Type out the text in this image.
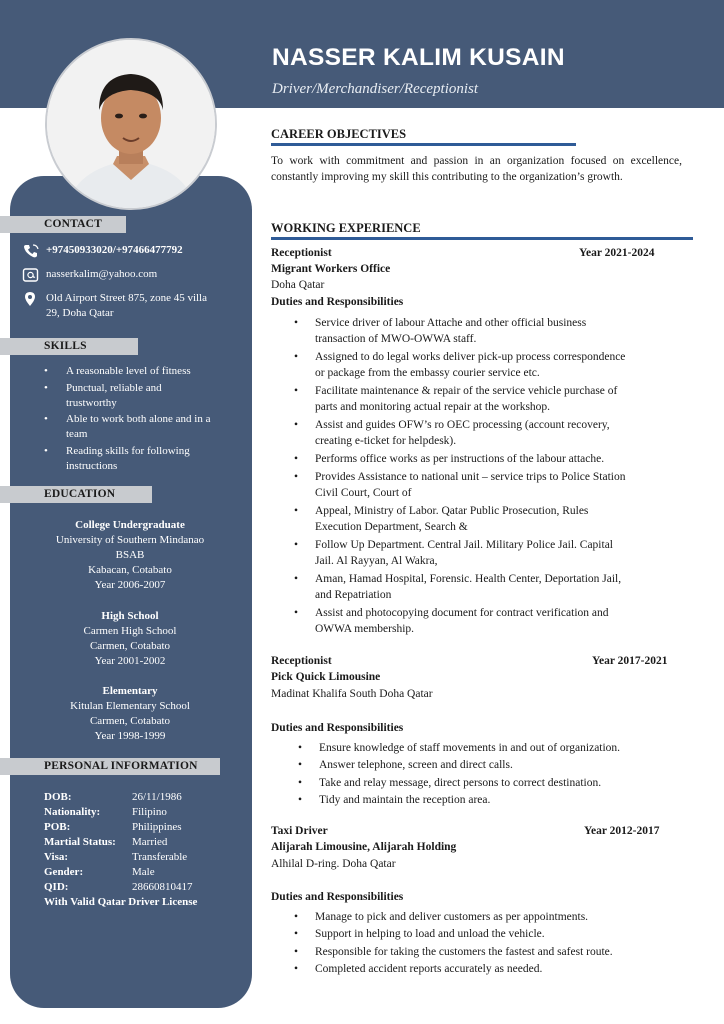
NASSER KALIM KUSAIN
Driver/Merchandiser/Receptionist
CONTACT
+97450933020/+97466477792
nasserkalim@yahoo.com
Old Airport Street 875, zone 45 villa
29, Doha Qatar
SKILLS
• A reasonable level of fitness
• Punctual, reliable and
trustworthy
• Able to work both alone and in a
team
• Reading skills for following
instructions
EDUCATION
College Undergraduate
University of Southern Mindanao
BSAB
Kabacan, Cotabato
Year 2006-2007
High School
Carmen High School
Carmen, Cotabato
Year 2001-2002
Elementary
Kitulan Elementary School
Carmen, Cotabato
Year 1998-1999
PERSONAL INFORMATION
DOB:	26/11/1986
Nationality:	Filipino
POB:	Philippines
Martial Status:	Married
Visa:	Transferable
Gender:	Male
QID:	28660810417
With Valid Qatar Driver License
CAREER OBJECTIVES
To work with commitment and passion in an organization focused on excellence, constantly improving my skill this contributing to the organization’s growth.
WORKING EXPERIENCE
Receptionist	Year 2021-2024
Migrant Workers Office
Doha Qatar
Duties and Responsibilities
• Service driver of labour Attache and other official business
transaction of MWO-OWWA staff.
• Assigned to do legal works deliver pick-up process correspondence
or package from the embassy courier service etc.
• Facilitate maintenance & repair of the service vehicle purchase of
parts and monitoring actual repair at the workshop.
• Assist and guides OFW’s ro OEC processing (account recovery,
creating e-ticket for helpdesk).
• Performs office works as per instructions of the labour attache.
• Provides Assistance to national unit – service trips to Police Station
Civil Court, Court of
• Appeal, Ministry of Labor. Qatar Public Prosecution, Rules
Execution Department, Search &
• Follow Up Department. Central Jail. Military Police Jail. Capital
Jail. Al Rayyan, Al Wakra,
• Aman, Hamad Hospital, Forensic. Health Center, Deportation Jail,
and Repatriation
• Assist and photocopying document for contract verification and
OWWA membership.
Receptionist	Year 2017-2021
Pick Quick Limousine
Madinat Khalifa South Doha Qatar
Duties and Responsibilities
• Ensure knowledge of staff movements in and out of organization.
• Answer telephone, screen and direct calls.
• Take and relay message, direct persons to correct destination.
• Tidy and maintain the reception area.
Taxi Driver	Year 2012-2017
Alijarah Limousine, Alijarah Holding
Alhilal D-ring. Doha Qatar
Duties and Responsibilities
• Manage to pick and deliver customers as per appointments.
• Support in helping to load and unload the vehicle.
• Responsible for taking the customers the fastest and safest route.
• Completed accident reports accurately as needed.
